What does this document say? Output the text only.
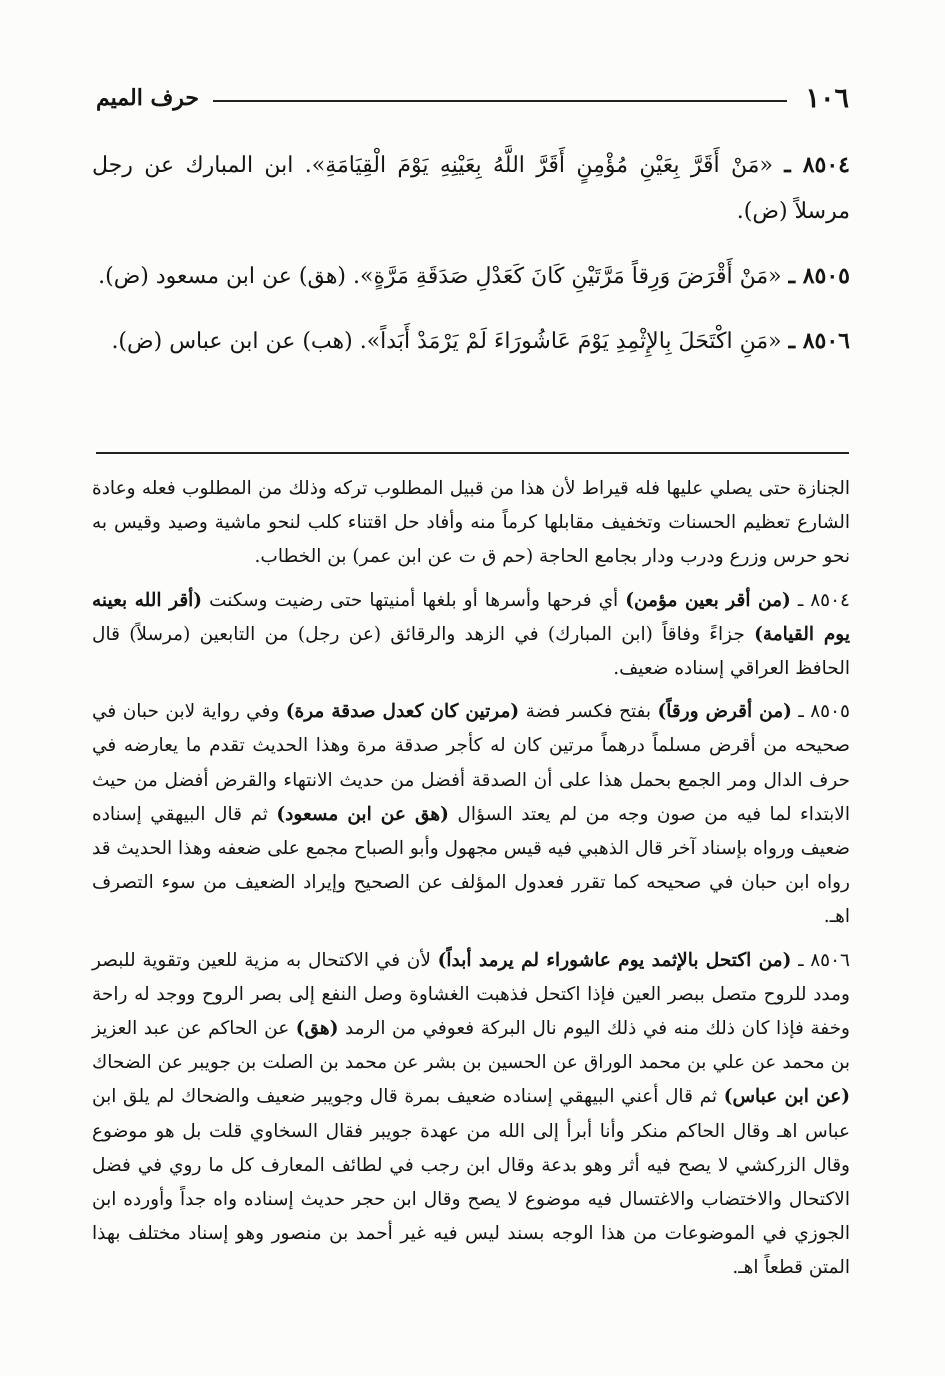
١٠٦
حرف الميم

٨٥٠٤ ـ «مَنْ أَقَرَّ بِعَيْنِ مُؤْمِنٍ أَقَرَّ اللَّهُ بِعَيْنِهِ يَوْمَ الْقِيَامَةِ». ابن المبارك عن رجل مرسلاً (ض).

٨٥٠٥ ـ «مَنْ أَقْرَضَ وَرِقاً مَرَّتَيْنِ كَانَ كَعَدْلِ صَدَقَةِ مَرَّةٍ». (هق) عن ابن مسعود (ض).

٨٥٠٦ ـ «مَنِ اكْتَحَلَ بِالإِثْمِدِ يَوْمَ عَاشُورَاءَ لَمْ يَرْمَدْ أَبَداً». (هب) عن ابن عباس (ض).

الجنازة حتى يصلي عليها فله قيراط لأن هذا من قبيل المطلوب تركه وذلك من المطلوب فعله وعادة الشارع تعظيم الحسنات وتخفيف مقابلها كرماً منه وأفاد حل اقتناء كلب لنحو ماشية وصيد وقيس به نحو حرس وزرع ودرب ودار بجامع الحاجة (حم ق ت عن ابن عمر) بن الخطاب.

٨٥٠٤ ـ (من أقر بعين مؤمن) أي فرحها وأسرها أو بلغها أمنيتها حتى رضيت وسكنت (أقر الله بعينه يوم القيامة) جزاءً وفاقاً (ابن المبارك) في الزهد والرقائق (عن رجل) من التابعين (مرسلاً) قال الحافظ العراقي إسناده ضعيف.

٨٥٠٥ ـ (من أقرض ورقاً) بفتح فكسر فضة (مرتين كان كعدل صدقة مرة) وفي رواية لابن حبان في صحيحه من أقرض مسلماً درهماً مرتين كان له كأجر صدقة مرة وهذا الحديث تقدم ما يعارضه في حرف الدال ومر الجمع بحمل هذا على أن الصدقة أفضل من حديث الانتهاء والقرض أفضل من حيث الابتداء لما فيه من صون وجه من لم يعتد السؤال (هق عن ابن مسعود) ثم قال البيهقي إسناده ضعيف ورواه بإسناد آخر قال الذهبي فيه قيس مجهول وأبو الصباح مجمع على ضعفه وهذا الحديث قد رواه ابن حبان في صحيحه كما تقرر فعدول المؤلف عن الصحيح وإيراد الضعيف من سوء التصرف اهـ.

٨٥٠٦ ـ (من اكتحل بالإثمد يوم عاشوراء لم يرمد أبداً) لأن في الاكتحال به مزية للعين وتقوية للبصر ومدد للروح متصل ببصر العين فإذا اكتحل فذهبت الغشاوة وصل النفع إلى بصر الروح ووجد له راحة وخفة فإذا كان ذلك منه في ذلك اليوم نال البركة فعوفي من الرمد (هق) عن الحاكم عن عبد العزيز بن محمد عن علي بن محمد الوراق عن الحسين بن بشر عن محمد بن الصلت بن جويبر عن الضحاك (عن ابن عباس) ثم قال أعني البيهقي إسناده ضعيف بمرة قال وجويبر ضعيف والضحاك لم يلق ابن عباس اهـ وقال الحاكم منكر وأنا أبرأ إلى الله من عهدة جويبر فقال السخاوي قلت بل هو موضوع وقال الزركشي لا يصح فيه أثر وهو بدعة وقال ابن رجب في لطائف المعارف كل ما روي في فضل الاكتحال والاختضاب والاغتسال فيه موضوع لا يصح وقال ابن حجر حديث إسناده واه جداً وأورده ابن الجوزي في الموضوعات من هذا الوجه بسند ليس فيه غير أحمد بن منصور وهو إسناد مختلف بهذا المتن قطعاً اهـ.
